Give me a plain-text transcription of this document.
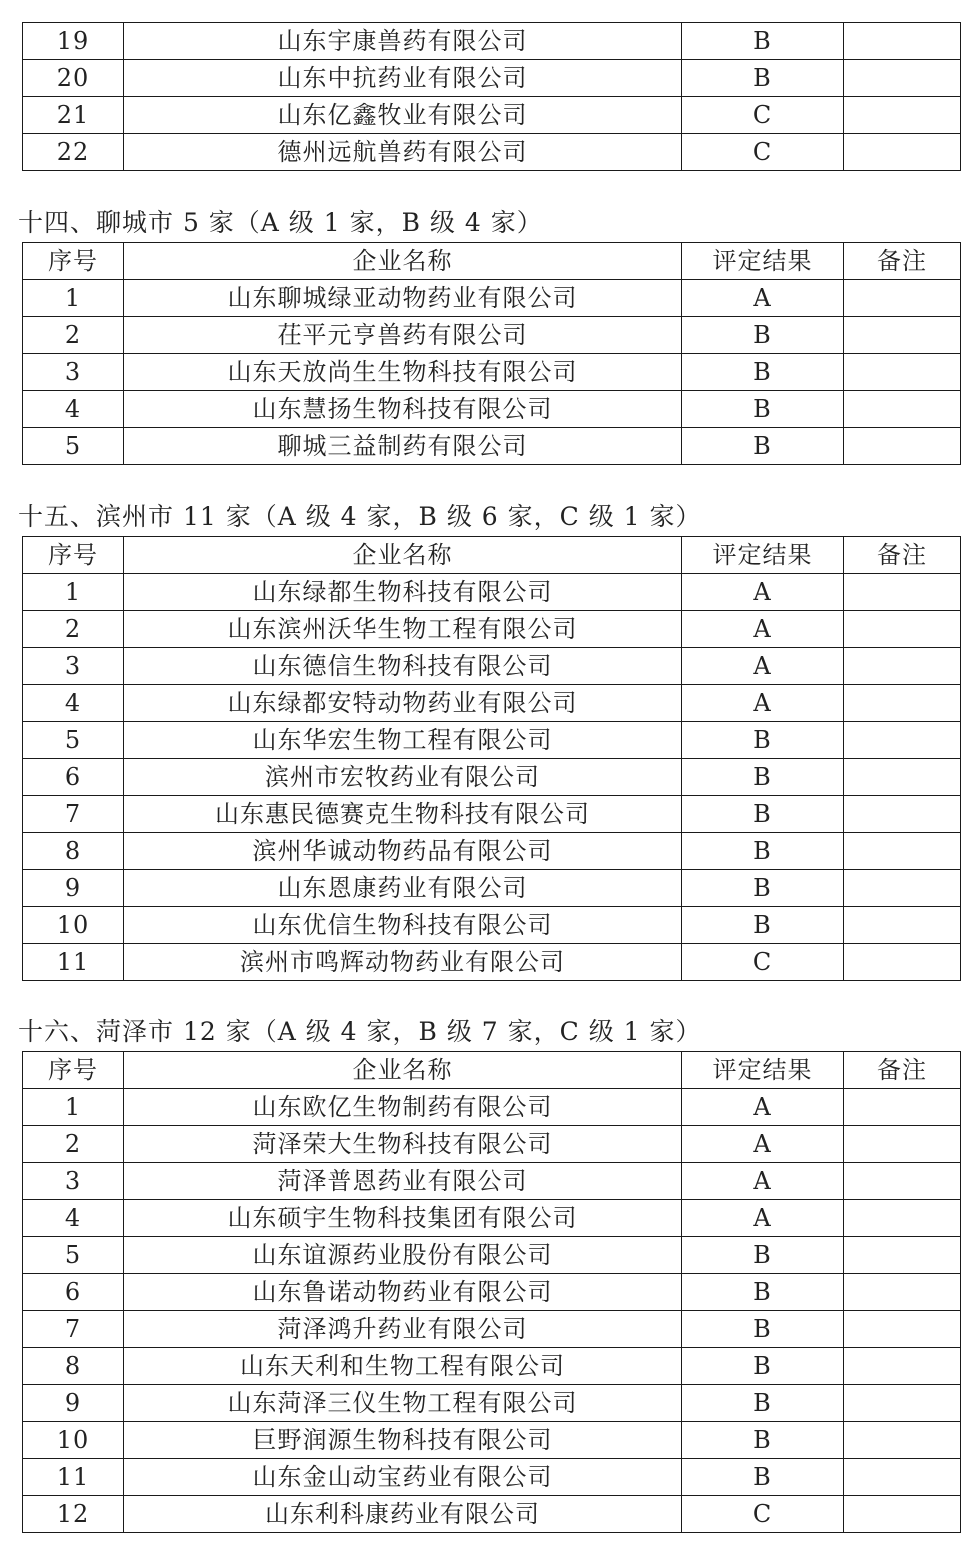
19	山东宇康兽药有限公司	B	
20	山东中抗药业有限公司	B	
21	山东亿鑫牧业有限公司	C	
22	德州远航兽药有限公司	C	
十四、聊城市 5 家（A 级 1 家，B 级 4 家）
序号	企业名称	评定结果	备注
1	山东聊城绿亚动物药业有限公司	A	
2	茌平元亨兽药有限公司	B	
3	山东天放尚生生物科技有限公司	B	
4	山东慧扬生物科技有限公司	B	
5	聊城三益制药有限公司	B	
十五、滨州市 11 家（A 级 4 家，B 级 6 家，C 级 1 家）
序号	企业名称	评定结果	备注
1	山东绿都生物科技有限公司	A	
2	山东滨州沃华生物工程有限公司	A	
3	山东德信生物科技有限公司	A	
4	山东绿都安特动物药业有限公司	A	
5	山东华宏生物工程有限公司	B	
6	滨州市宏牧药业有限公司	B	
7	山东惠民德赛克生物科技有限公司	B	
8	滨州华诚动物药品有限公司	B	
9	山东恩康药业有限公司	B	
10	山东优信生物科技有限公司	B	
11	滨州市鸣辉动物药业有限公司	C	
十六、菏泽市 12 家（A 级 4 家，B 级 7 家，C 级 1 家）
序号	企业名称	评定结果	备注
1	山东欧亿生物制药有限公司	A	
2	菏泽荣大生物科技有限公司	A	
3	菏泽普恩药业有限公司	A	
4	山东硕宇生物科技集团有限公司	A	
5	山东谊源药业股份有限公司	B	
6	山东鲁诺动物药业有限公司	B	
7	菏泽鸿升药业有限公司	B	
8	山东天利和生物工程有限公司	B	
9	山东菏泽三仪生物工程有限公司	B	
10	巨野润源生物科技有限公司	B	
11	山东金山动宝药业有限公司	B	
12	山东利科康药业有限公司	C	
